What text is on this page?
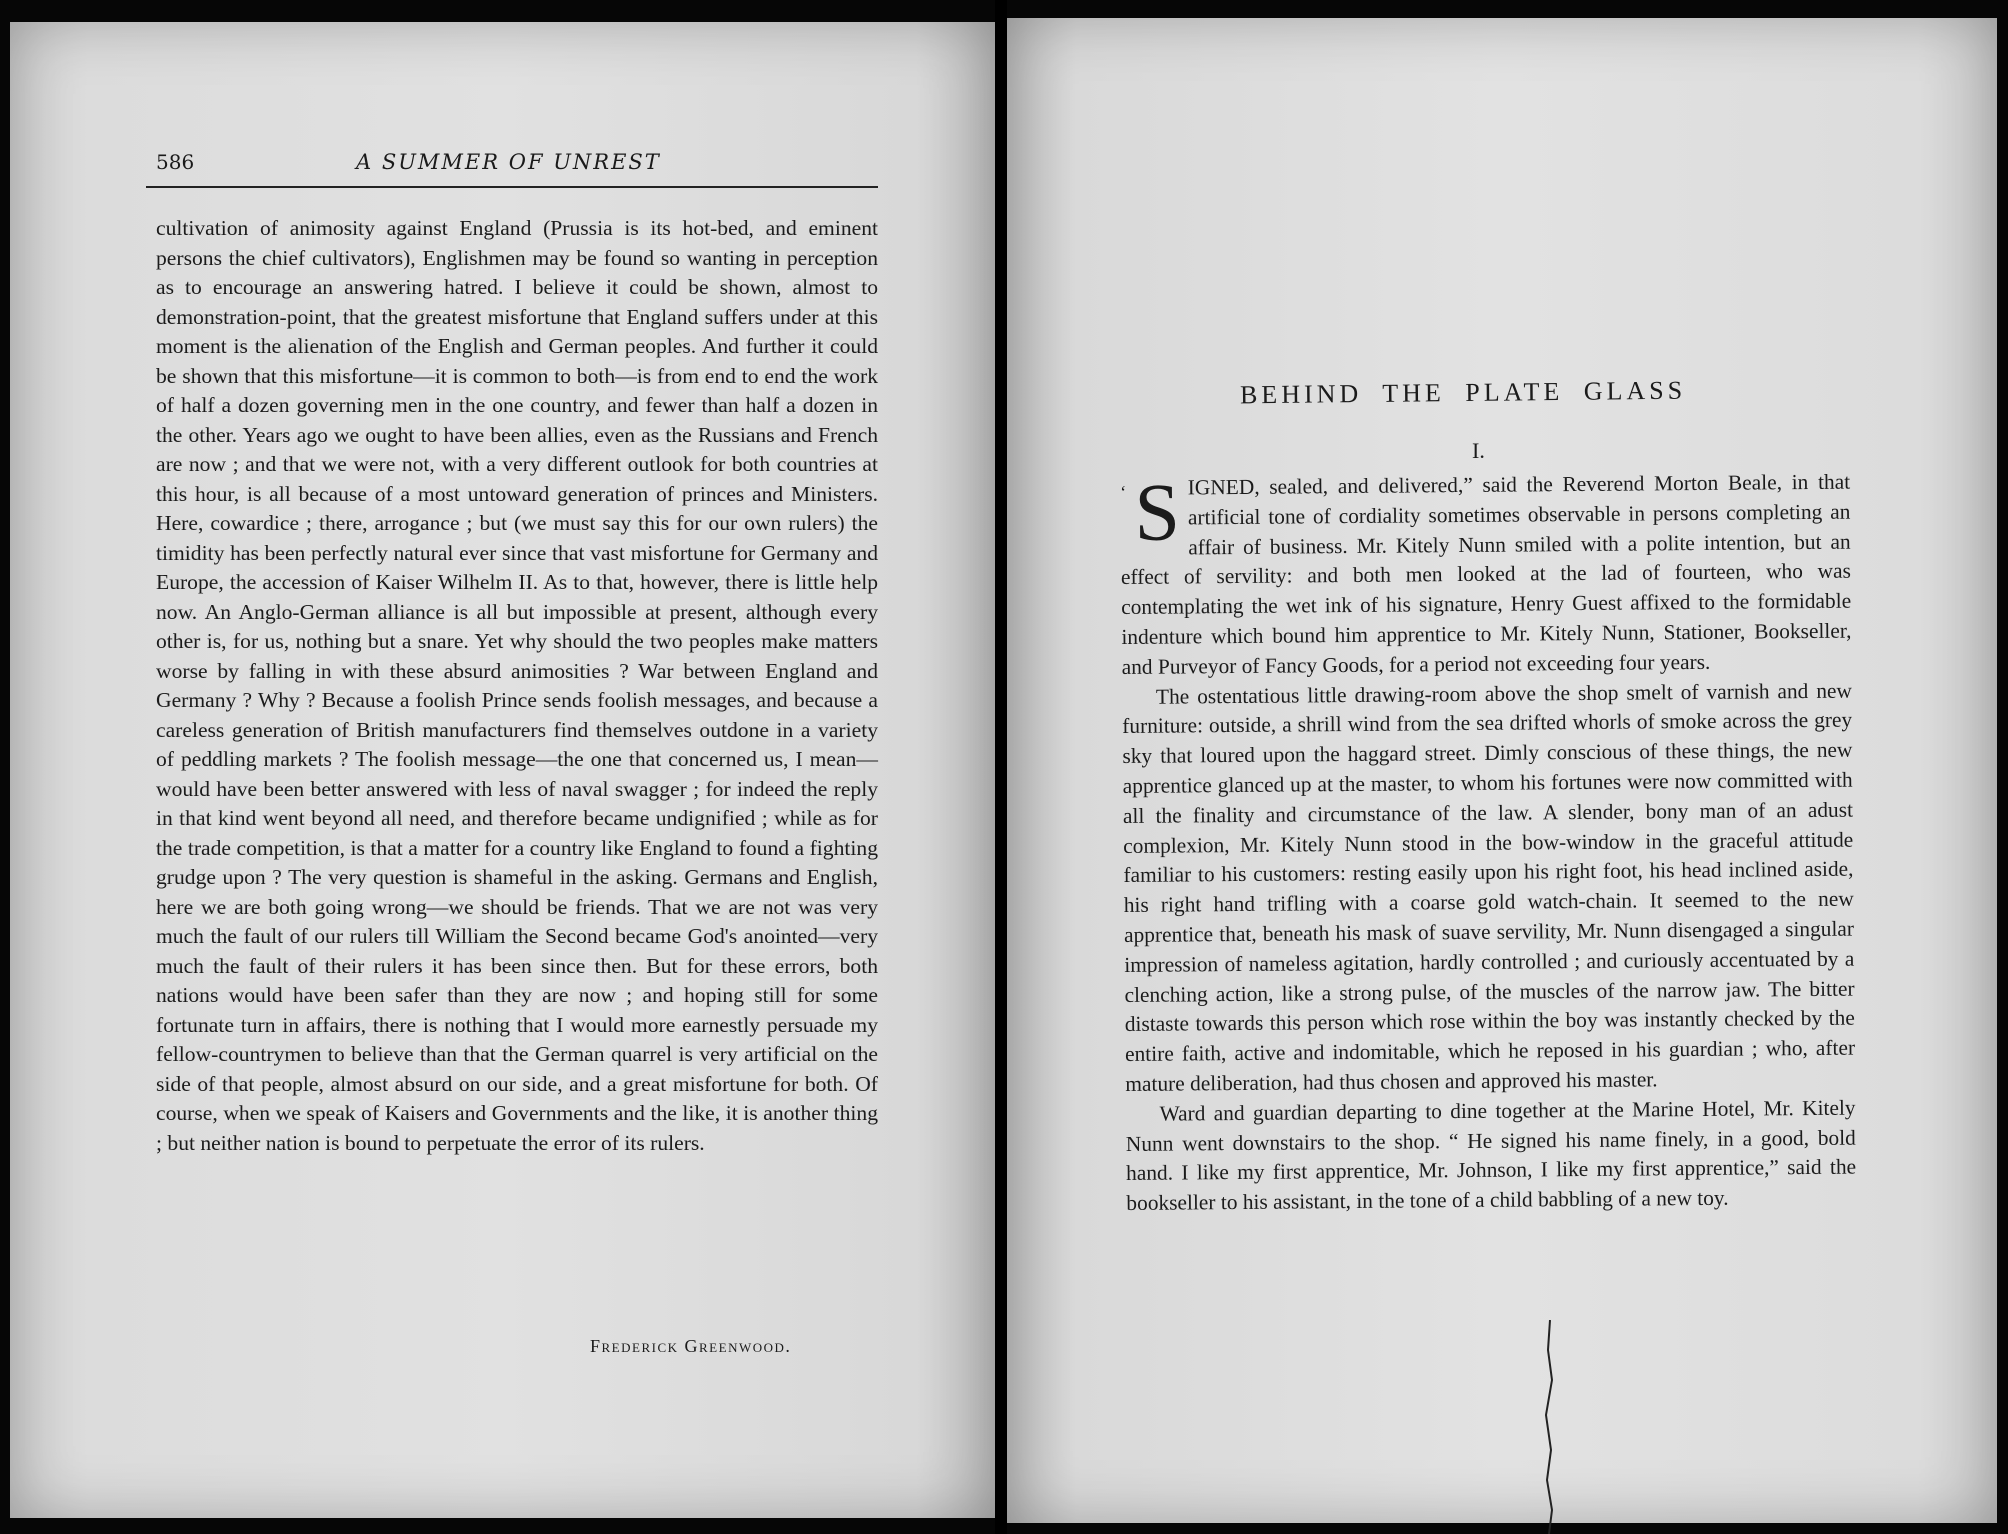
586	A SUMMER OF UNREST

cultivation of animosity against England (Prussia is its hot-bed, and eminent persons the chief cultivators), Englishmen may be found so wanting in perception as to encourage an answering hatred. I believe it could be shown, almost to demonstration-point, that the greatest misfortune that England suffers under at this moment is the alienation of the English and German peoples. And further it could be shown that this misfortune—it is common to both—is from end to end the work of half a dozen governing men in the one country, and fewer than half a dozen in the other. Years ago we ought to have been allies, even as the Russians and French are now ; and that we were not, with a very different outlook for both countries at this hour, is all because of a most untoward generation of princes and Ministers. Here, cowardice ; there, arrogance ; but (we must say this for our own rulers) the timidity has been perfectly natural ever since that vast misfortune for Germany and Europe, the accession of Kaiser Wilhelm II. As to that, however, there is little help now. An Anglo-German alliance is all but impossible at present, although every other is, for us, nothing but a snare. Yet why should the two peoples make matters worse by falling in with these absurd animosities ? War between England and Germany ? Why ? Because a foolish Prince sends foolish messages, and because a careless generation of British manufacturers find themselves outdone in a variety of peddling markets ? The foolish message—the one that concerned us, I mean—would have been better answered with less of naval swagger ; for indeed the reply in that kind went beyond all need, and therefore became undignified ; while as for the trade competition, is that a matter for a country like England to found a fighting grudge upon ? The very question is shameful in the asking. Germans and English, here we are both going wrong—we should be friends. That we are not was very much the fault of our rulers till William the Second became God's anointed—very much the fault of their rulers it has been since then. But for these errors, both nations would have been safer than they are now ; and hoping still for some fortunate turn in affairs, there is nothing that I would more earnestly persuade my fellow-countrymen to believe than that the German quarrel is very artificial on the side of that people, almost absurd on our side, and a great misfortune for both. Of course, when we speak of Kaisers and Governments and the like, it is another thing ; but neither nation is bound to perpetuate the error of its rulers.

Frederick Greenwood.
BEHIND THE PLATE GLASS
I.

‘ S IGNED, sealed, and delivered,” said the Reverend Morton Beale, in that artificial tone of cordiality sometimes observable in persons completing an affair of business. Mr. Kitely Nunn smiled with a polite intention, but an effect of servility: and both men looked at the lad of fourteen, who was contemplating the wet ink of his signature, Henry Guest affixed to the formidable indenture which bound him apprentice to Mr. Kitely Nunn, Stationer, Bookseller, and Purveyor of Fancy Goods, for a period not exceeding four years.

The ostentatious little drawing-room above the shop smelt of varnish and new furniture: outside, a shrill wind from the sea drifted whorls of smoke across the grey sky that loured upon the haggard street. Dimly conscious of these things, the new apprentice glanced up at the master, to whom his fortunes were now committed with all the finality and circumstance of the law. A slender, bony man of an adust complexion, Mr. Kitely Nunn stood in the bow-window in the graceful attitude familiar to his customers: resting easily upon his right foot, his head inclined aside, his right hand trifling with a coarse gold watch-chain. It seemed to the new apprentice that, beneath his mask of suave servility, Mr. Nunn disengaged a singular impression of nameless agitation, hardly controlled ; and curiously accentuated by a clenching action, like a strong pulse, of the muscles of the narrow jaw. The bitter distaste towards this person which rose within the boy was instantly checked by the entire faith, active and indomitable, which he reposed in his guardian ; who, after mature deliberation, had thus chosen and approved his master.

Ward and guardian departing to dine together at the Marine Hotel, Mr. Kitely Nunn went downstairs to the shop. “ He signed his name finely, in a good, bold hand. I like my first apprentice, Mr. Johnson, I like my first apprentice,” said the bookseller to his assistant, in the tone of a child babbling of a new toy.
